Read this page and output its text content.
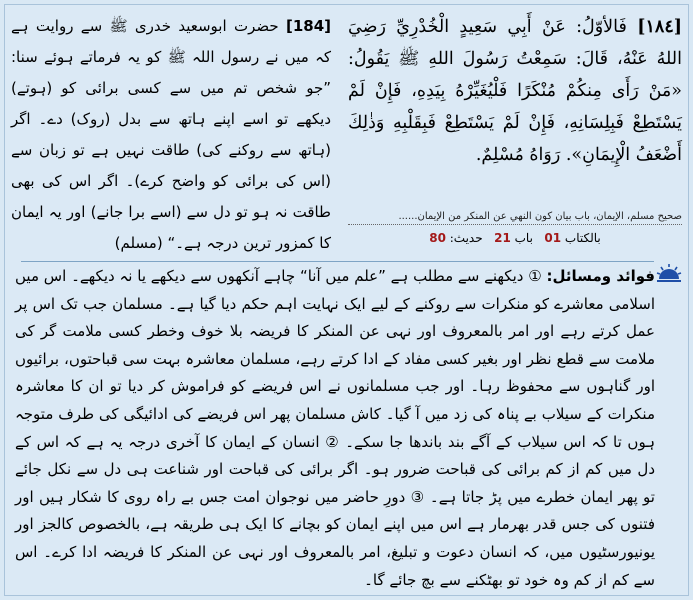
[١٨٤] فَالأوّلُ: عَنْ أَبِي سَعِيدٍ الْخُدْرِيِّ رَضِيَ اللهُ عَنْهُ، قَالَ: سَمِعْتُ رَسُولَ اللهِ ﷺ يَقُولُ: «مَنْ رَأَى مِنكُمْ مُنْكَرًا فَلْيُغَيِّرْهُ بِيَدِهِ، فَإِنْ لَمْ يَسْتَطِعْ فَبِلِسَانِهِ، فَإِنْ لَمْ يَسْتَطِعْ فَبِقَلْبِهِ وَذٰلِكَ أَضْعَفُ الْإِيمَانِ». رَوَاهُ مُسْلِمٌ.
[184] حضرت ابوسعید خدری ﷺ سے روایت ہے کہ میں نے رسول اللہ ﷺ کو یہ فرماتے ہوئے سنا: ”جو شخص تم میں سے کسی برائی کو (ہوتے) دیکھے تو اسے اپنے ہاتھ سے بدل (روک) دے۔ اگر (ہاتھ سے روکنے کی) طاقت نہیں ہے تو زبان سے (اس کی برائی کو واضح کرے)۔ اگر اس کی بھی طاقت نہ ہو تو دل سے (اسے برا جانے) اور یہ ایمان کا کمزور ترین درجہ ہے۔“ (مسلم)
صحيح مسلم، الإيمان، باب بيان كون النهي عن المنكر من الإيمان......
بالکتاب 01   باب 21   حدیث: 80
فوائد ومسائل: ① دیکھنے سے مطلب ہے ”علم میں آنا“ چاہے آنکھوں سے دیکھے یا نہ دیکھے۔ اس میں اسلامی معاشرے کو منکرات سے روکنے کے لیے ایک نہایت اہم حکم دیا گیا ہے۔ مسلمان جب تک اس پر عمل کرتے رہے اور امر بالمعروف اور نہی عن المنکر کا فریضہ بلا خوف وخطر کسی ملامت گر کی ملامت سے قطع نظر اور بغیر کسی مفاد کے ادا کرتے رہے، مسلمان معاشرہ بہت سی قباحتوں، برائیوں اور گناہوں سے محفوظ رہا۔ اور جب مسلمانوں نے اس فریضے کو فراموش کر دیا تو ان کا معاشرہ منکرات کے سیلاب بے پناہ کی زد میں آ گیا۔ کاش مسلمان پھر اس فریضے کی ادائیگی کی طرف متوجہ ہوں تا کہ اس سیلاب کے آگے بند باندھا جا سکے۔ ② انسان کے ایمان کا آخری درجہ یہ ہے کہ اس کے دل میں کم از کم برائی کی قباحت ضرور ہو۔ اگر برائی کی قباحت اور شناعت ہی دل سے نکل جائے تو پھر ایمان خطرے میں پڑ جاتا ہے۔ ③ دورِ حاضر میں نوجوان امت جس بے راہ روی کا شکار ہیں اور فتنوں کی جس قدر بھرمار ہے اس میں اپنے ایمان کو بچانے کا ایک ہی طریقہ ہے، بالخصوص کالجز اور یونیورسٹیوں میں، کہ انسان دعوت و تبلیغ، امر بالمعروف اور نہی عن المنکر کا فریضہ ادا کرے۔ اس سے کم از کم وہ خود تو بھٹکنے سے بچ جائے گا۔
